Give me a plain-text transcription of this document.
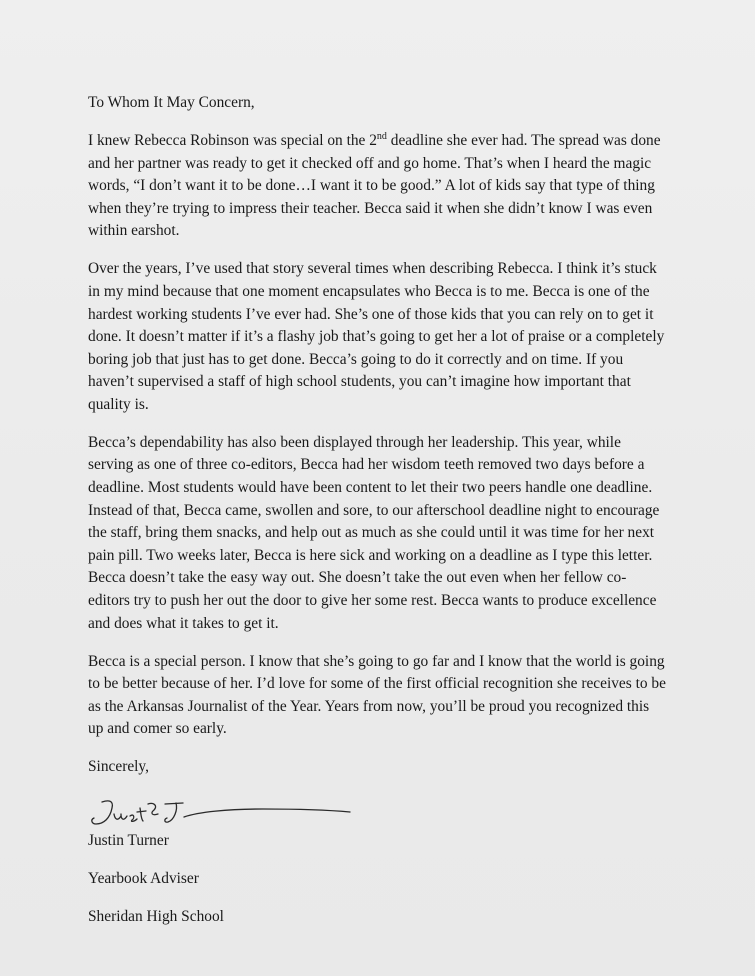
To Whom It May Concern,

I knew Rebecca Robinson was special on the 2nd deadline she ever had. The spread was done and her partner was ready to get it checked off and go home. That’s when I heard the magic words, “I don’t want it to be done…I want it to be good.” A lot of kids say that type of thing when they’re trying to impress their teacher. Becca said it when she didn’t know I was even within earshot.

Over the years, I’ve used that story several times when describing Rebecca. I think it’s stuck in my mind because that one moment encapsulates who Becca is to me. Becca is one of the hardest working students I’ve ever had. She’s one of those kids that you can rely on to get it done. It doesn’t matter if it’s a flashy job that’s going to get her a lot of praise or a completely boring job that just has to get done. Becca’s going to do it correctly and on time. If you haven’t supervised a staff of high school students, you can’t imagine how important that quality is.

Becca’s dependability has also been displayed through her leadership. This year, while serving as one of three co-editors, Becca had her wisdom teeth removed two days before a deadline. Most students would have been content to let their two peers handle one deadline. Instead of that, Becca came, swollen and sore, to our afterschool deadline night to encourage the staff, bring them snacks, and help out as much as she could until it was time for her next pain pill. Two weeks later, Becca is here sick and working on a deadline as I type this letter. Becca doesn’t take the easy way out. She doesn’t take the out even when her fellow co-editors try to push her out the door to give her some rest. Becca wants to produce excellence and does what it takes to get it.

Becca is a special person. I know that she’s going to go far and I know that the world is going to be better because of her. I’d love for some of the first official recognition she receives to be as the Arkansas Journalist of the Year. Years from now, you’ll be proud you recognized this up and comer so early.

Sincerely,

Justin Turner

Yearbook Adviser

Sheridan High School
